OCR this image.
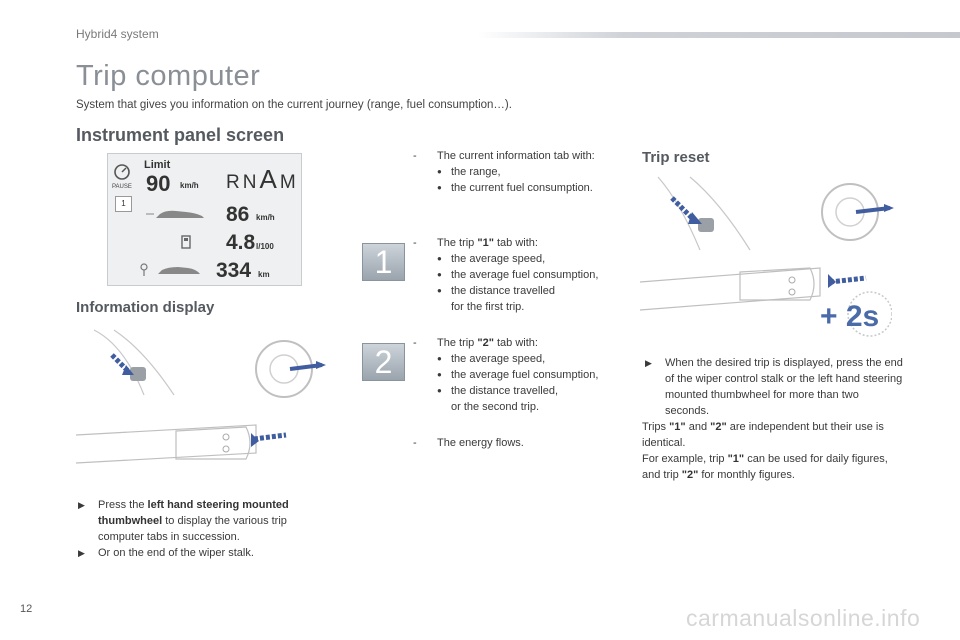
Hybrid4 system
Trip computer
System that gives you information on the current journey (range, fuel consumption…).
Instrument panel screen
PAUSE
Limit
90 km/h RNAM
1	86 km/h
4.8 l/100
334 km
Information display
▶ Press the left hand steering mounted thumbwheel to display the various trip computer tabs in succession.
▶ Or on the end of the wiper stalk.
- The current information tab with:
● the range,
● the current fuel consumption.
1
- The trip "1" tab with:
● the average speed,
● the average fuel consumption,
● the distance travelled
for the first trip.
2
- The trip "2" tab with:
● the average speed,
● the average fuel consumption,
● the distance travelled,
or the second trip.
- The energy flows.
Trip reset
+ 2s
▶ When the desired trip is displayed, press the end of the wiper control stalk or the left hand steering mounted thumbwheel for more than two seconds.
Trips "1" and "2" are independent but their use is identical.
For example, trip "1" can be used for daily figures, and trip "2" for monthly figures.
12	carmanualsonline.info
